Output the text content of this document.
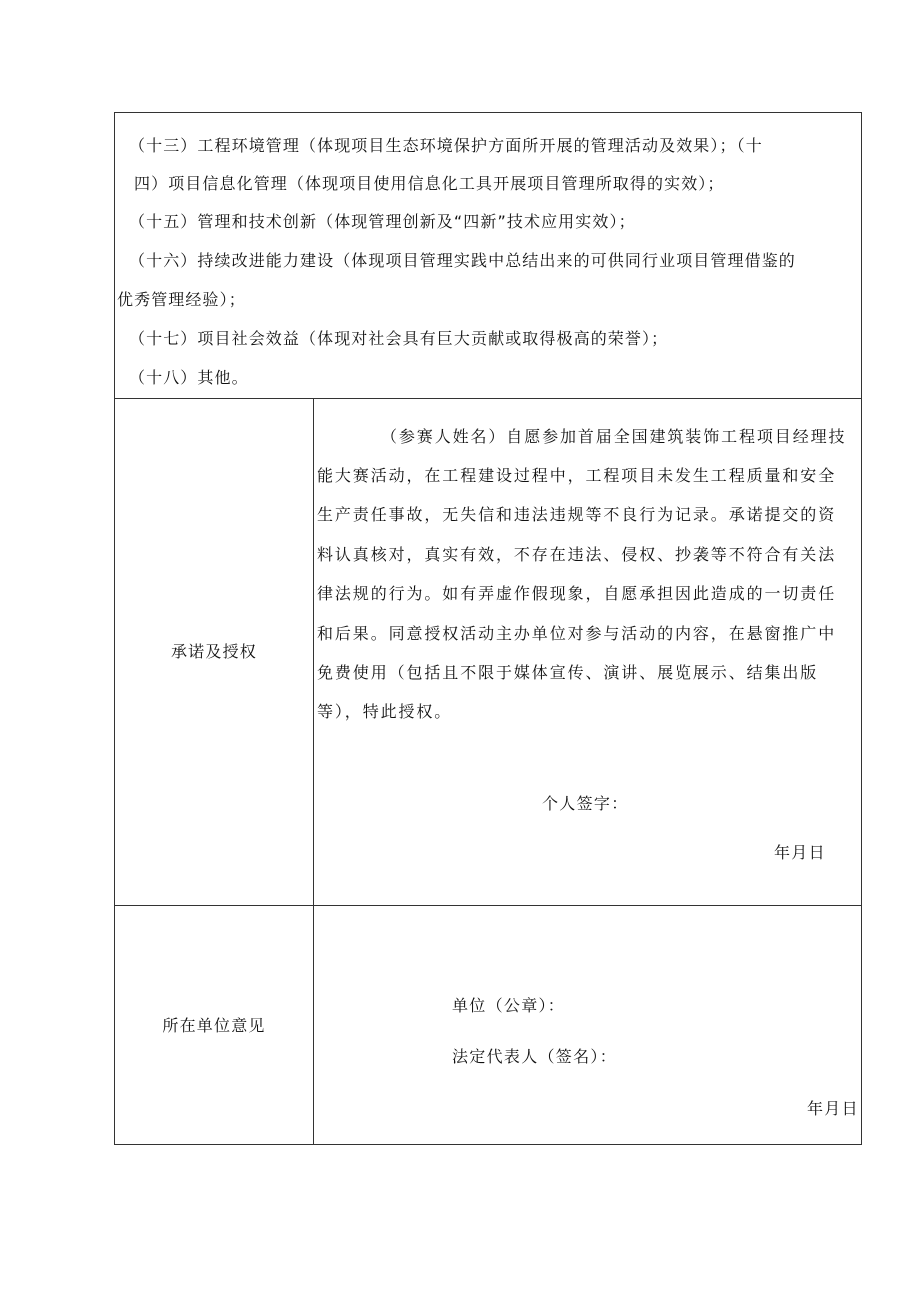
（十三）工程环境管理（体现项目生态环境保护方面所开展的管理活动及效果）；（十
四）项目信息化管理（体现项目使用信息化工具开展项目管理所取得的实效）；
（十五）管理和技术创新（体现管理创新及“四新”技术应用实效）；
（十六）持续改进能力建设（体现项目管理实践中总结出来的可供同行业项目管理借鉴的
优秀管理经验）；
（十七）项目社会效益（体现对社会具有巨大贡献或取得极高的荣誉）；
（十八）其他。
承诺及授权
（参赛人姓名）自愿参加首届全国建筑装饰工程项目经理技
能大赛活动，在工程建设过程中，工程项目未发生工程质量和安全
生产责任事故，无失信和违法违规等不良行为记录。承诺提交的资
料认真核对，真实有效，不存在违法、侵权、抄袭等不符合有关法
律法规的行为。如有弄虚作假现象，自愿承担因此造成的一切责任
和后果。同意授权活动主办单位对参与活动的内容，在悬窗推广中
免费使用（包括且不限于媒体宣传、演讲、展览展示、结集出版
等），特此授权。
个人签字：
年月日
所在单位意见
单位（公章）：
法定代表人（签名）：
年月日
